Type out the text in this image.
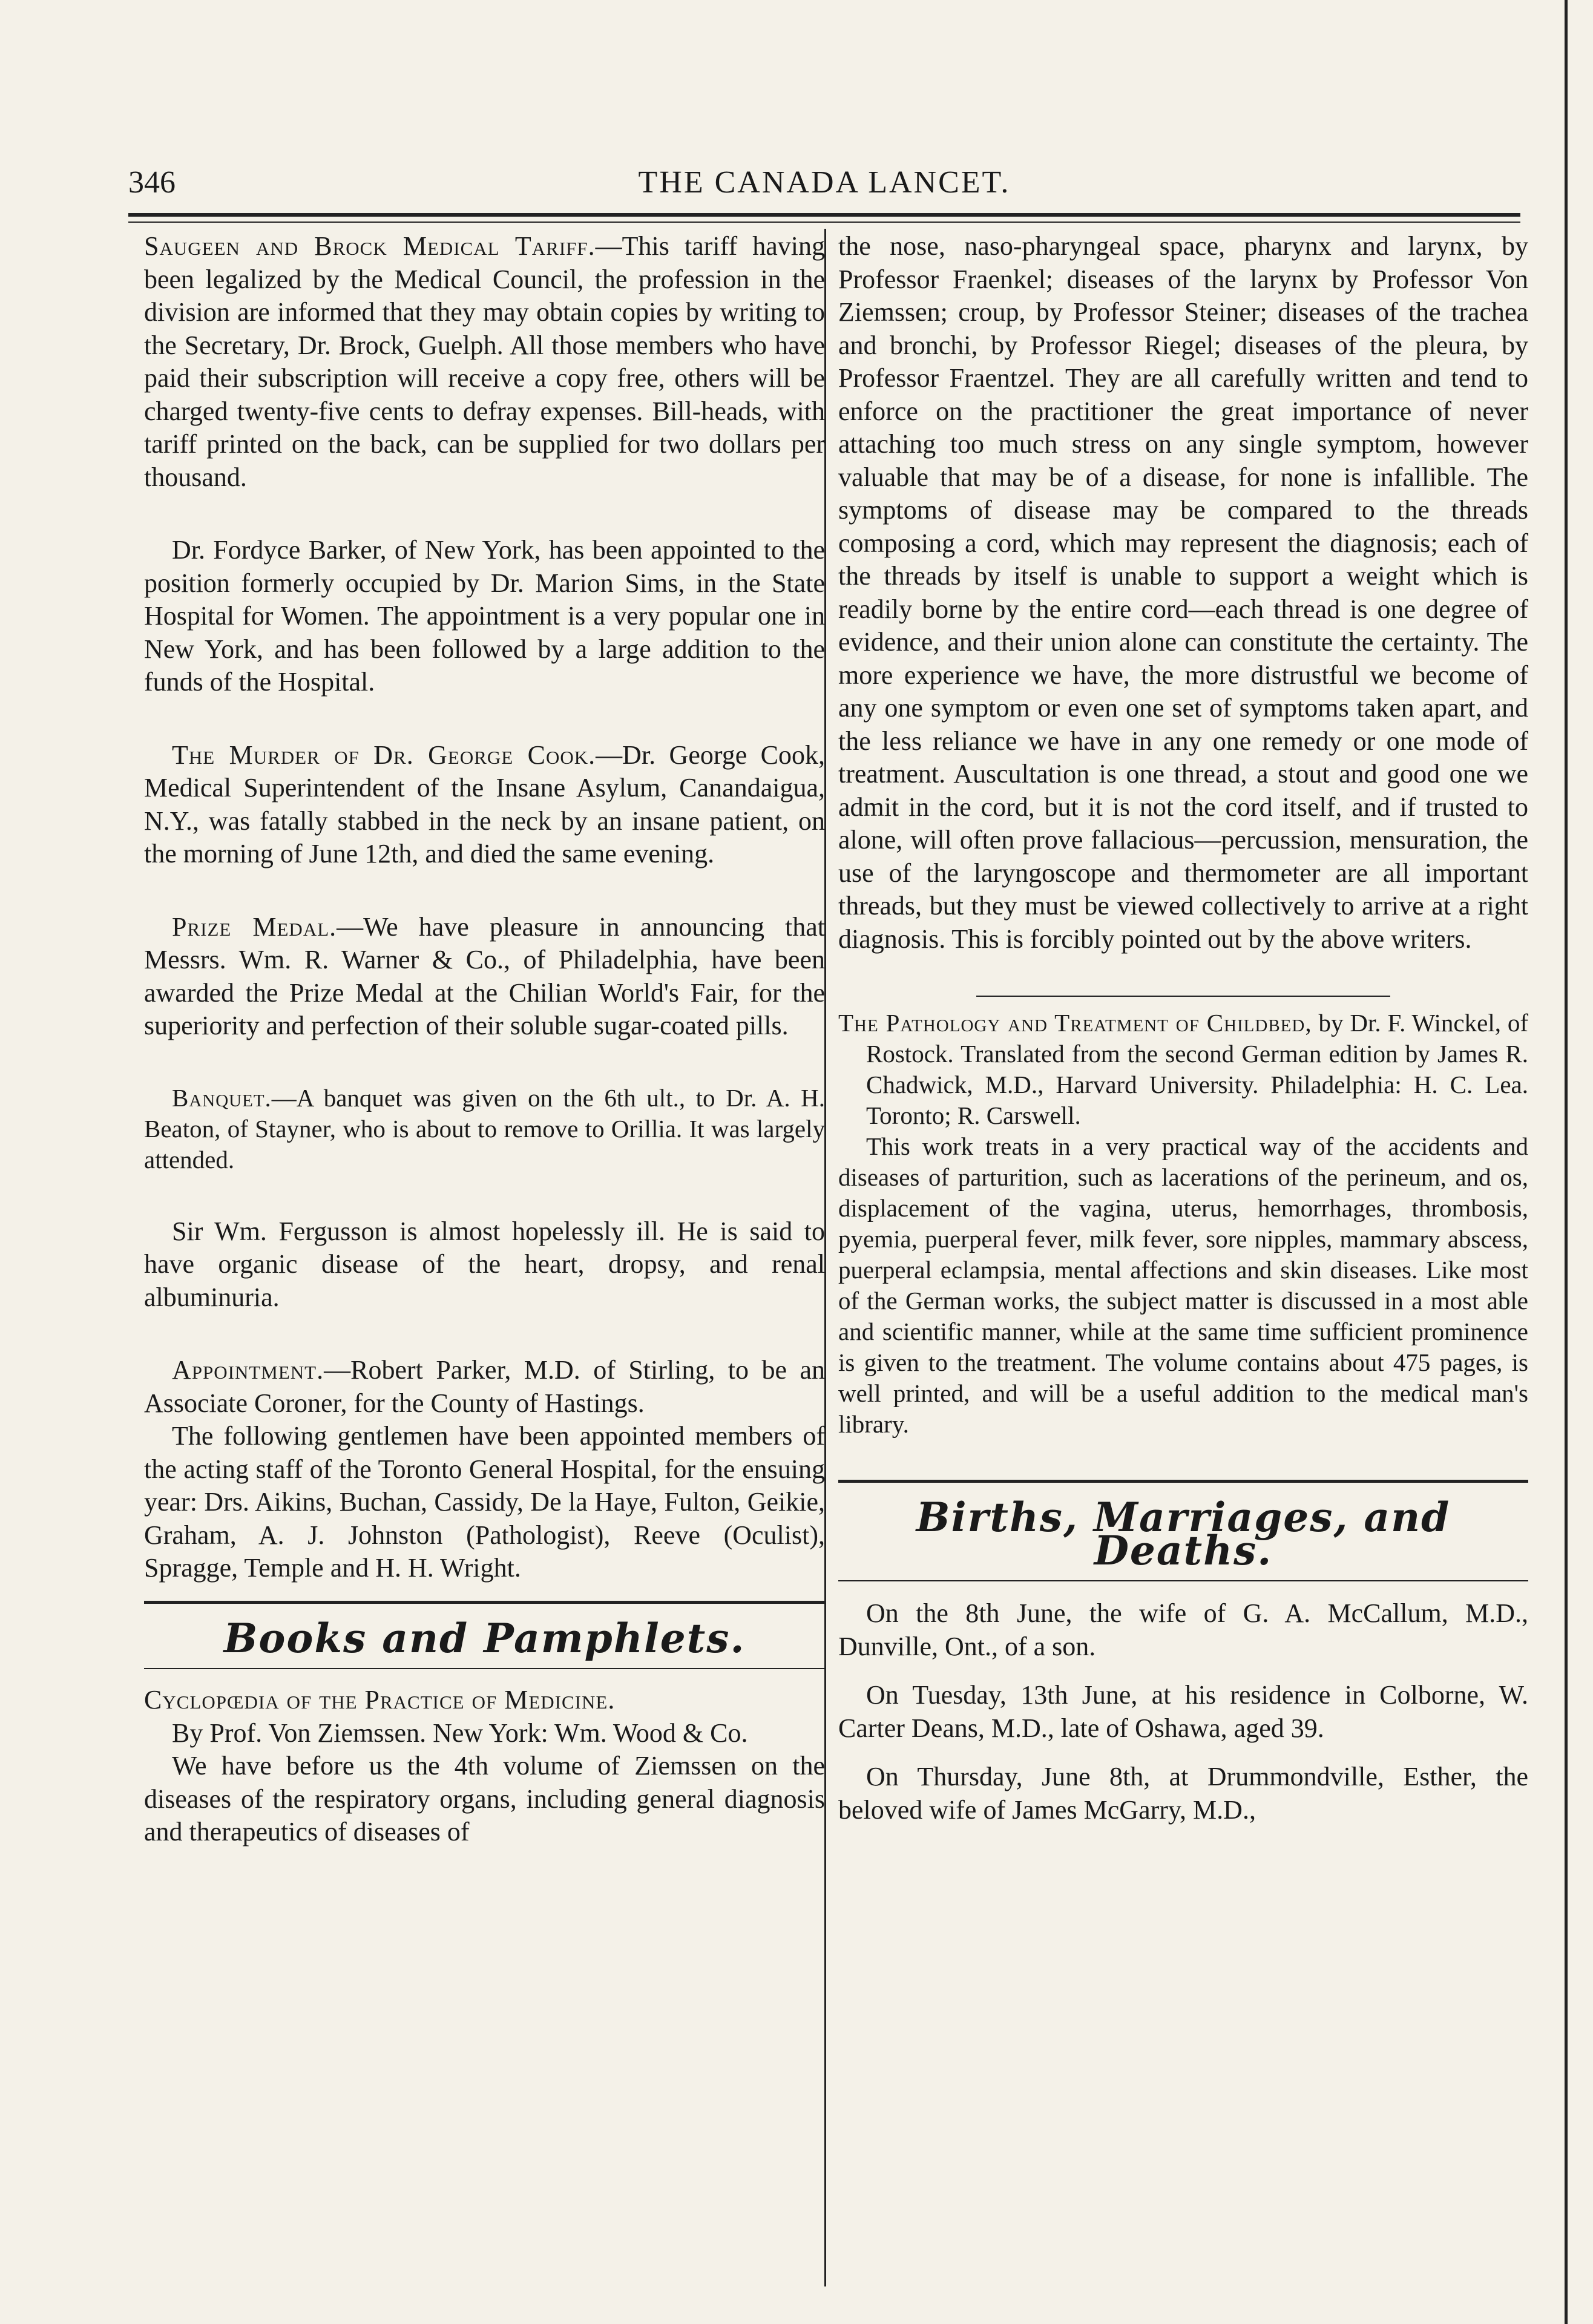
346	THE CANADA LANCET.

Saugeen and Brock Medical Tariff.—This tariff having been legalized by the Medical Council, the profession in the division are informed that they may obtain copies by writing to the Secretary, Dr. Brock, Guelph. All those members who have paid their subscription will receive a copy free, others will be charged twenty-five cents to defray expenses. Bill-heads, with tariff printed on the back, can be supplied for two dollars per thousand.

Dr. Fordyce Barker, of New York, has been appointed to the position formerly occupied by Dr. Marion Sims, in the State Hospital for Women. The appointment is a very popular one in New York, and has been followed by a large addition to the funds of the Hospital.

The Murder of Dr. George Cook.—Dr. George Cook, Medical Superintendent of the Insane Asylum, Canandaigua, N.Y., was fatally stabbed in the neck by an insane patient, on the morning of June 12th, and died the same evening.

Prize Medal.—We have pleasure in announcing that Messrs. Wm. R. Warner & Co., of Philadelphia, have been awarded the Prize Medal at the Chilian World's Fair, for the superiority and perfection of their soluble sugar-coated pills.

Banquet.—A banquet was given on the 6th ult., to Dr. A. H. Beaton, of Stayner, who is about to remove to Orillia. It was largely attended.

Sir Wm. Fergusson is almost hopelessly ill. He is said to have organic disease of the heart, dropsy, and renal albuminuria.

Appointment.—Robert Parker, M.D. of Stirling, to be an Associate Coroner, for the County of Hastings.

The following gentlemen have been appointed members of the acting staff of the Toronto General Hospital, for the ensuing year: Drs. Aikins, Buchan, Cassidy, De la Haye, Fulton, Geikie, Graham, A. J. Johnston (Pathologist), Reeve (Oculist), Spragge, Temple and H. H. Wright.

Books and Pamphlets.

Cyclopœdia of the Practice of Medicine.

By Prof. Von Ziemssen. New York: Wm. Wood & Co.

We have before us the 4th volume of Ziemssen on the diseases of the respiratory organs, including general diagnosis and therapeutics of diseases of

the nose, naso-pharyngeal space, pharynx and larynx, by Professor Fraenkel; diseases of the larynx by Professor Von Ziemssen; croup, by Professor Steiner; diseases of the trachea and bronchi, by Professor Riegel; diseases of the pleura, by Professor Fraentzel. They are all carefully written and tend to enforce on the practitioner the great importance of never attaching too much stress on any single symptom, however valuable that may be of a disease, for none is infallible. The symptoms of disease may be compared to the threads composing a cord, which may represent the diagnosis; each of the threads by itself is unable to support a weight which is readily borne by the entire cord—each thread is one degree of evidence, and their union alone can constitute the certainty. The more experience we have, the more distrustful we become of any one symptom or even one set of symptoms taken apart, and the less reliance we have in any one remedy or one mode of treatment. Auscultation is one thread, a stout and good one we admit in the cord, but it is not the cord itself, and if trusted to alone, will often prove fallacious—percussion, mensuration, the use of the laryngoscope and thermometer are all important threads, but they must be viewed collectively to arrive at a right diagnosis. This is forcibly pointed out by the above writers.

The Pathology and Treatment of Childbed, by Dr. F. Winckel, of Rostock. Translated from the second German edition by James R. Chadwick, M.D., Harvard University. Philadelphia: H. C. Lea. Toronto; R. Carswell.

This work treats in a very practical way of the accidents and diseases of parturition, such as lacerations of the perineum, and os, displacement of the vagina, uterus, hemorrhages, thrombosis, pyemia, puerperal fever, milk fever, sore nipples, mammary abscess, puerperal eclampsia, mental affections and skin diseases. Like most of the German works, the subject matter is discussed in a most able and scientific manner, while at the same time sufficient prominence is given to the treatment. The volume contains about 475 pages, is well printed, and will be a useful addition to the medical man's library.

Births, Marriages, and Deaths.

On the 8th June, the wife of G. A. McCallum, M.D., Dunville, Ont., of a son.

On Tuesday, 13th June, at his residence in Colborne, W. Carter Deans, M.D., late of Oshawa, aged 39.

On Thursday, June 8th, at Drummondville, Esther, the beloved wife of James McGarry, M.D.,
